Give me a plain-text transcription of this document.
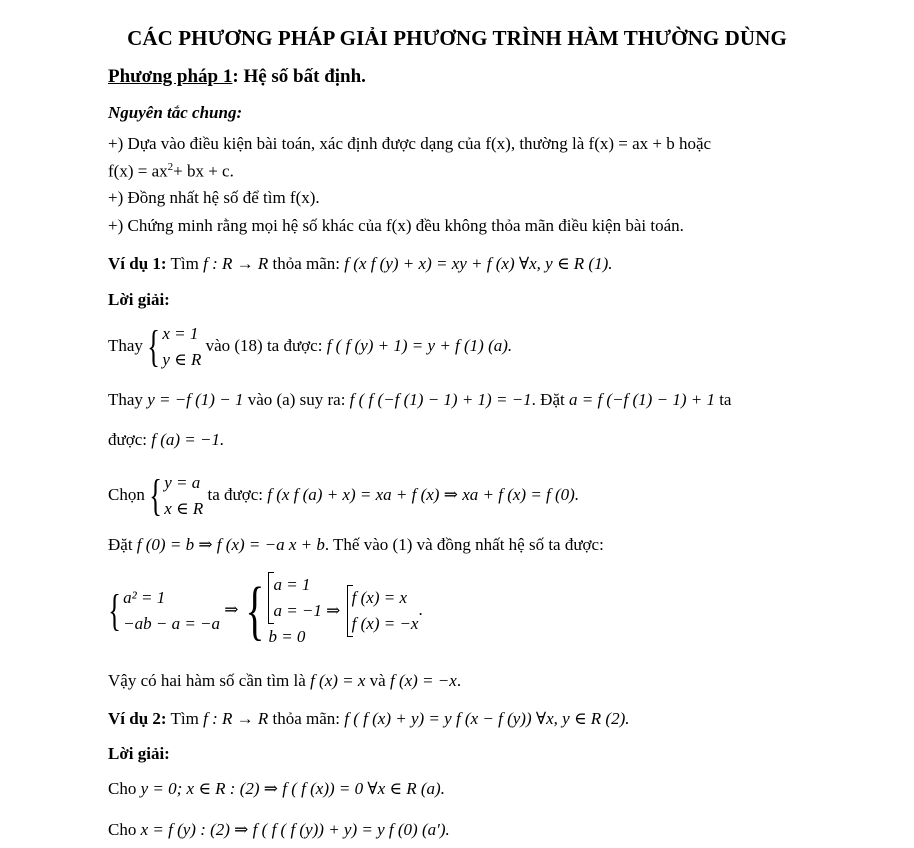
CÁC PHƯƠNG PHÁP GIẢI PHƯƠNG TRÌNH HÀM THƯỜNG DÙNG
Phương pháp 1: Hệ số bất định.
Nguyên tắc chung:
+) Dựa vào điều kiện bài toán, xác định được dạng của f(x), thường là f(x) = ax + b hoặc
$f(x) = ax^2+$ bx + c.
+) Đồng nhất hệ số để tìm f(x).
+) Chứng minh rằng mọi hệ số khác của f(x) đều không thỏa mãn điều kiện bài toán.
Ví dụ 1: Tìm f : R → R thỏa mãn: f (x f (y) + x) = xy + f (x) ∀x, y ∈ R (1).
Lời giải:
Thay { x = 1
y ∈ R
vào (18) ta được: f ( f (y) + 1) = y + f (1) (a).
Thay y = −f (1) − 1 vào (a) suy ra: f ( f (−f (1) − 1) + 1) = −1. Đặt a = f (−f (1) − 1) + 1 ta
được: f (a) = −1.
Chọn { y = a
x ∈ R
ta được: f (x f (a) + x) = xa + f (x) ⇒ xa + f (x) = f (0).
Đặt f (0) = b ⇒ f (x) = −a x + b. Thế vào (1) và đồng nhất hệ số ta được:
{ a² = 1
−ab − a = −a
⇒ { a = 1
a = −1 ⇒
b = 0

f (x) = x
f (x) = −x
.
Vậy có hai hàm số cần tìm là f (x) = x và f (x) = −x.
Ví dụ 2: Tìm f : R → R thỏa mãn: f ( f (x) + y) = y f (x − f (y)) ∀x, y ∈ R (2).
Lời giải:
Cho y = 0; x ∈ R : (2) ⇒ f ( f (x)) = 0 ∀x ∈ R (a).
Cho x = f (y) : (2) ⇒ f ( f ( f (y)) + y) = y f (0) (a′).
